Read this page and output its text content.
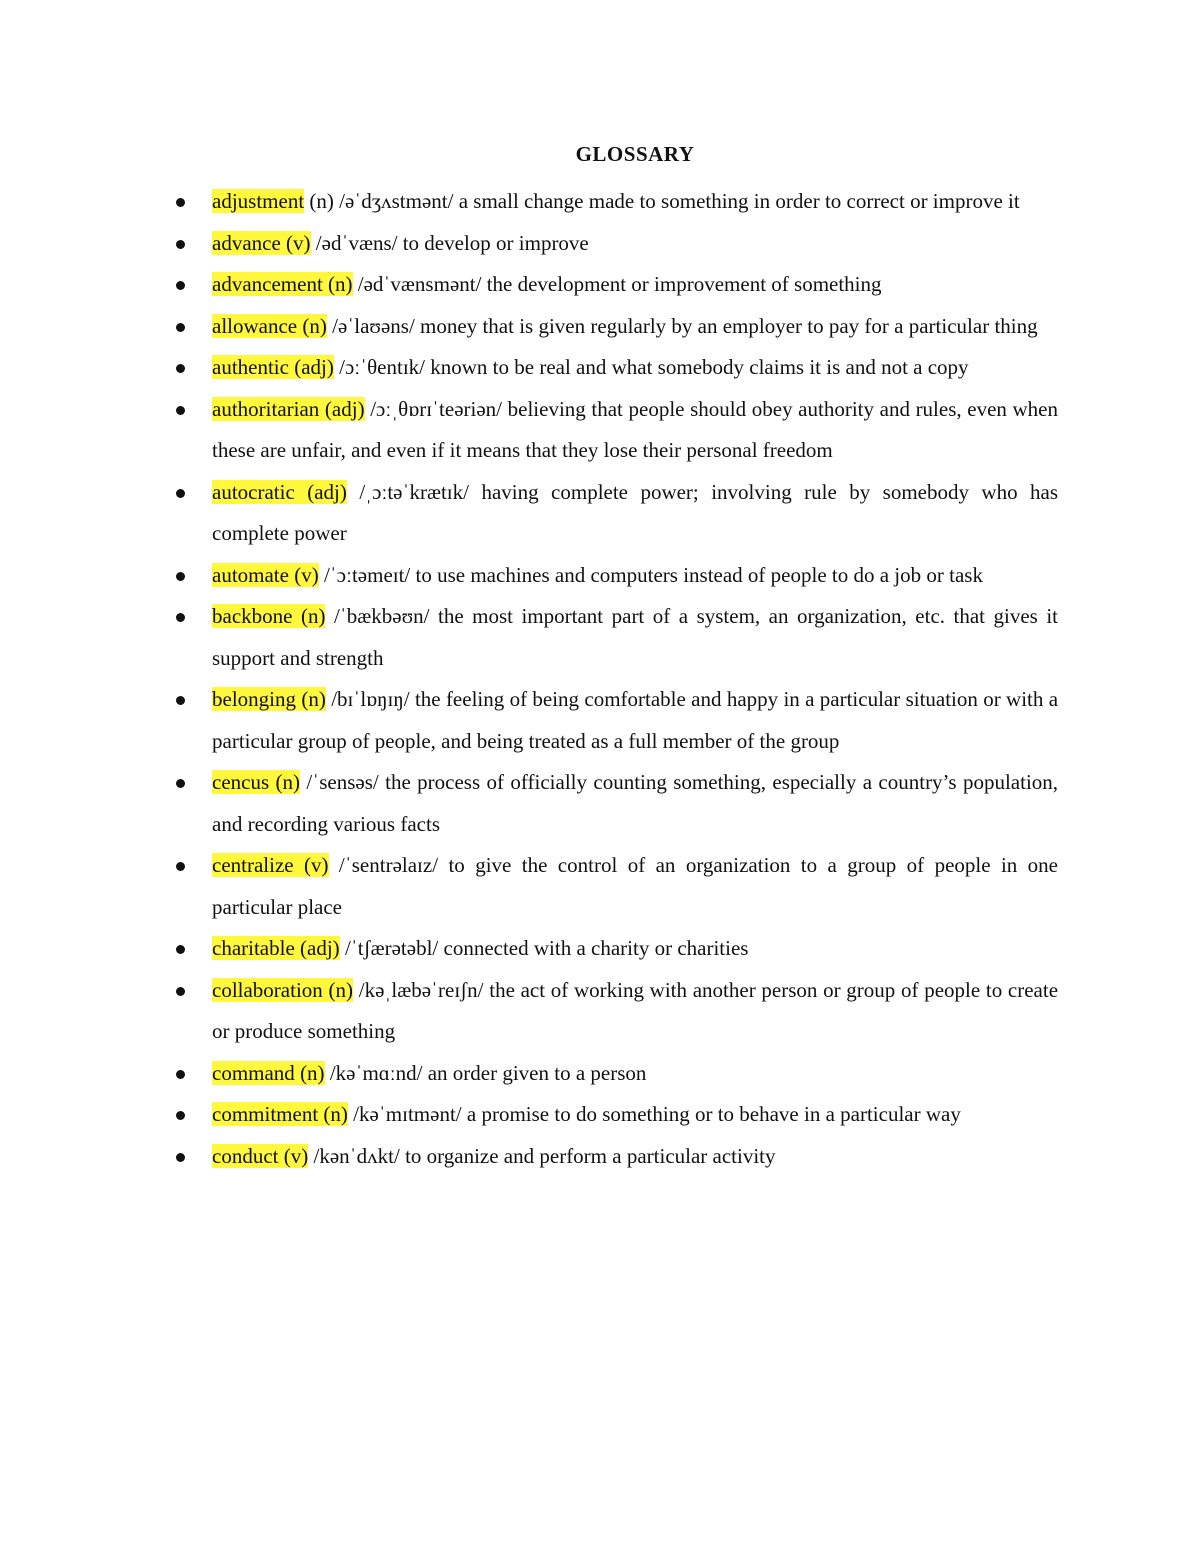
GLOSSARY
adjustment (n) /əˈdʒʌstmənt/ a small change made to something in order to correct or improve it
advance (v) /ədˈvæns/ to develop or improve
advancement (n) /ədˈvænsmənt/ the development or improvement of something
allowance (n) /əˈlaʊəns/ money that is given regularly by an employer to pay for a particular thing
authentic (adj) /ɔːˈθentɪk/ known to be real and what somebody claims it is and not a copy
authoritarian (adj) /ɔːˌθɒrɪˈteəriən/ believing that people should obey authority and rules, even when these are unfair, and even if it means that they lose their personal freedom
autocratic (adj) /ˌɔːtəˈkrætɪk/ having complete power; involving rule by somebody who has complete power
automate (v) /ˈɔːtəmeɪt/ to use machines and computers instead of people to do a job or task
backbone (n) /ˈbækbəʊn/ the most important part of a system, an organization, etc. that gives it support and strength
belonging (n) /bɪˈlɒŋɪŋ/ the feeling of being comfortable and happy in a particular situation or with a particular group of people, and being treated as a full member of the group
cencus (n) /ˈsensəs/ the process of officially counting something, especially a country’s population, and recording various facts
centralize (v) /ˈsentrəlaɪz/ to give the control of an organization to a group of people in one particular place
charitable (adj) /ˈtʃærətəbl/ connected with a charity or charities
collaboration (n) /kəˌlæbəˈreɪʃn/ the act of working with another person or group of people to create or produce something
command (n) /kəˈmɑːnd/ an order given to a person
commitment (n) /kəˈmɪtmənt/ a promise to do something or to behave in a particular way
conduct (v) /kənˈdʌkt/ to organize and perform a particular activity
